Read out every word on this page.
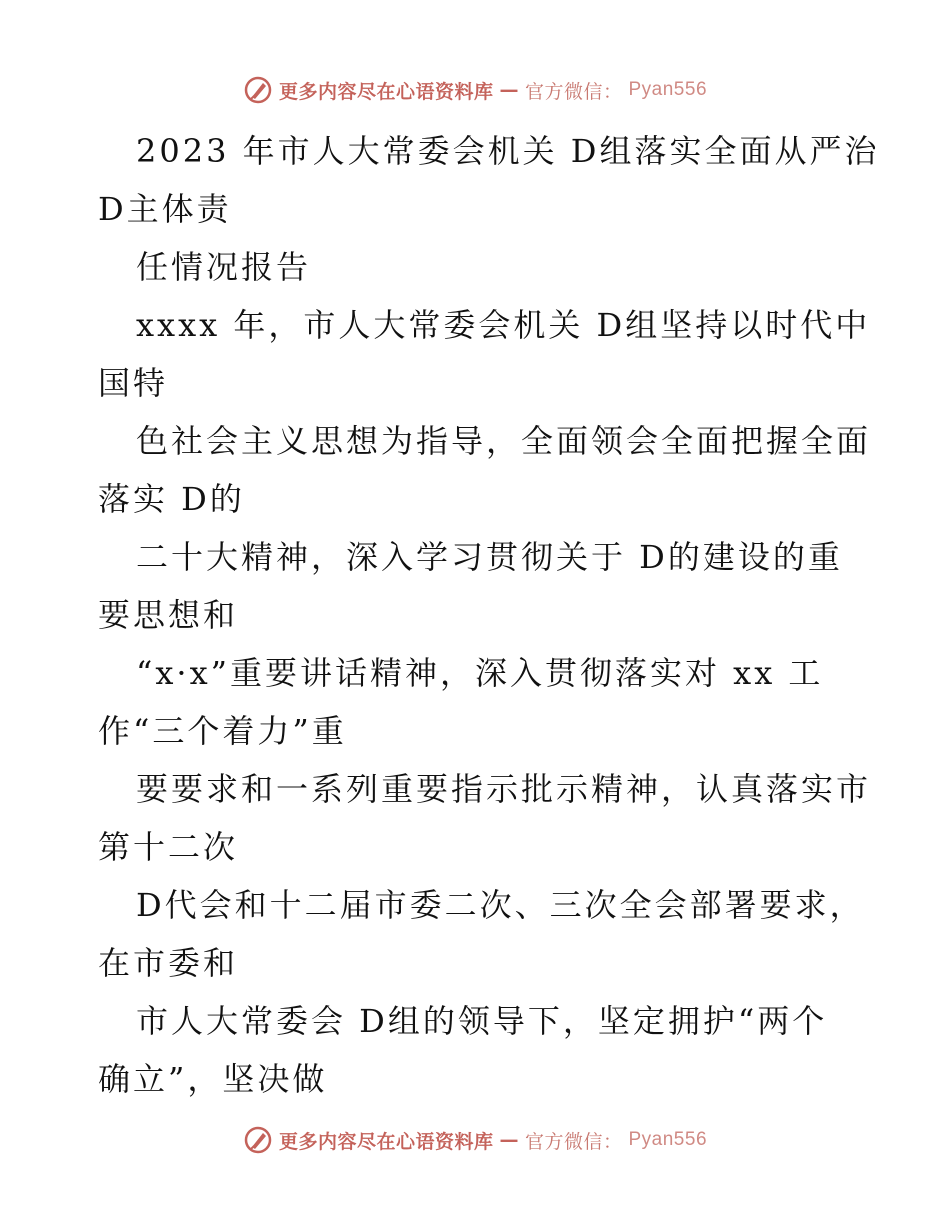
更多内容尽在心语资料库 — 官方微信： Pyan556
2023 年市人大常委会机关 D组落实全面从严治
D主体责
任情况报告
xxxx 年，市人大常委会机关 D组坚持以时代中
国特
色社会主义思想为指导，全面领会全面把握全面
落实 D的
二十大精神，深入学习贯彻关于 D的建设的重
要思想和
“x·x”重要讲话精神，深入贯彻落实对 xx 工
作“三个着力”重
要要求和一系列重要指示批示精神，认真落实市
第十二次
D代会和十二届市委二次、三次全会部署要求，
在市委和
市人大常委会 D组的领导下，坚定拥护“两个
确立”，坚决做
更多内容尽在心语资料库 — 官方微信： Pyan556
